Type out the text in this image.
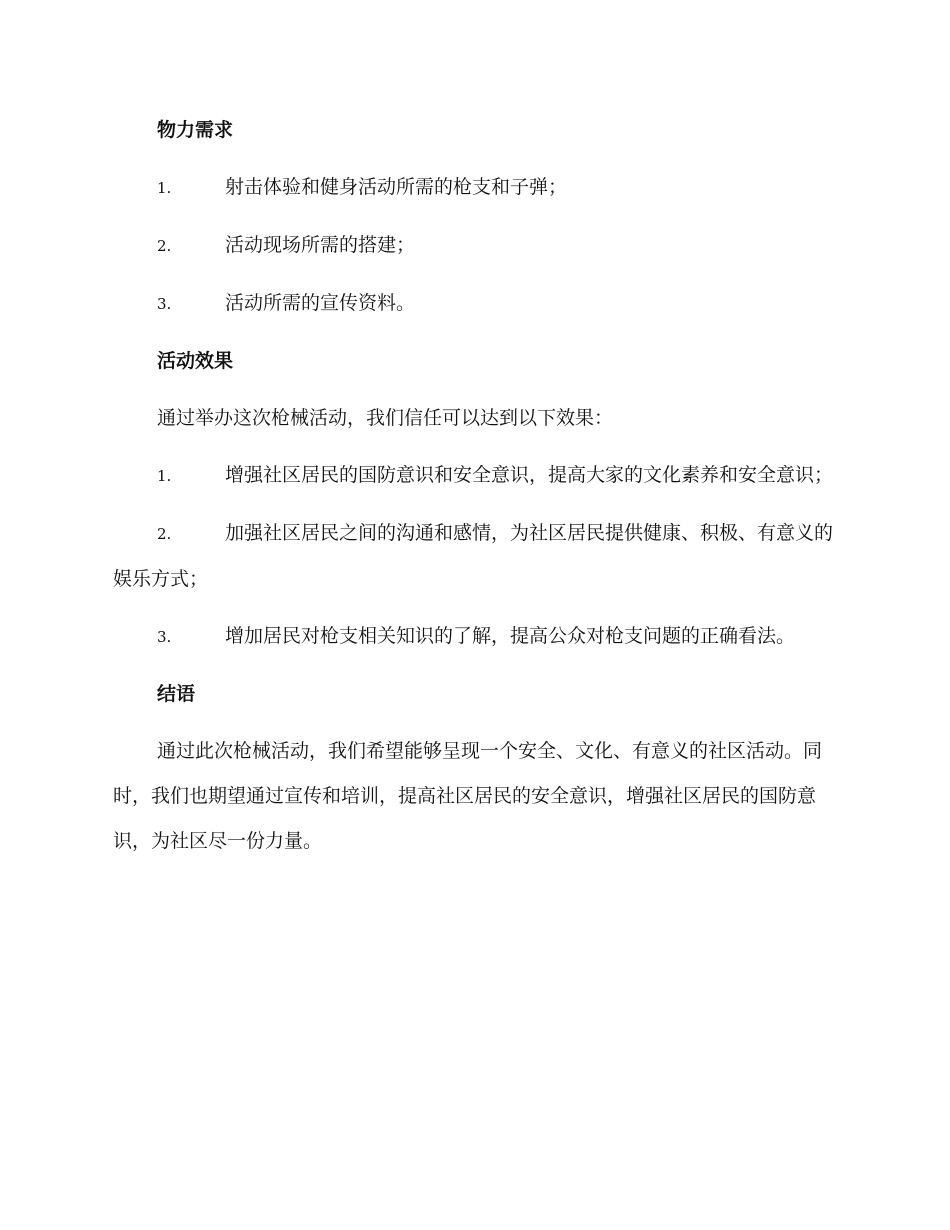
物力需求
1.	射击体验和健身活动所需的枪支和子弹；
2.	活动现场所需的搭建；
3.	活动所需的宣传资料。
活动效果
通过举办这次枪械活动，我们信任可以达到以下效果：
1.	增强社区居民的国防意识和安全意识，提高大家的文化素养和安全意识；
2.	加强社区居民之间的沟通和感情，为社区居民提供健康、积极、有意义的娱乐方式；
3.	增加居民对枪支相关知识的了解，提高公众对枪支问题的正确看法。
结语
通过此次枪械活动，我们希望能够呈现一个安全、文化、有意义的社区活动。同时，我们也期望通过宣传和培训，提高社区居民的安全意识，增强社区居民的国防意识，为社区尽一份力量。
